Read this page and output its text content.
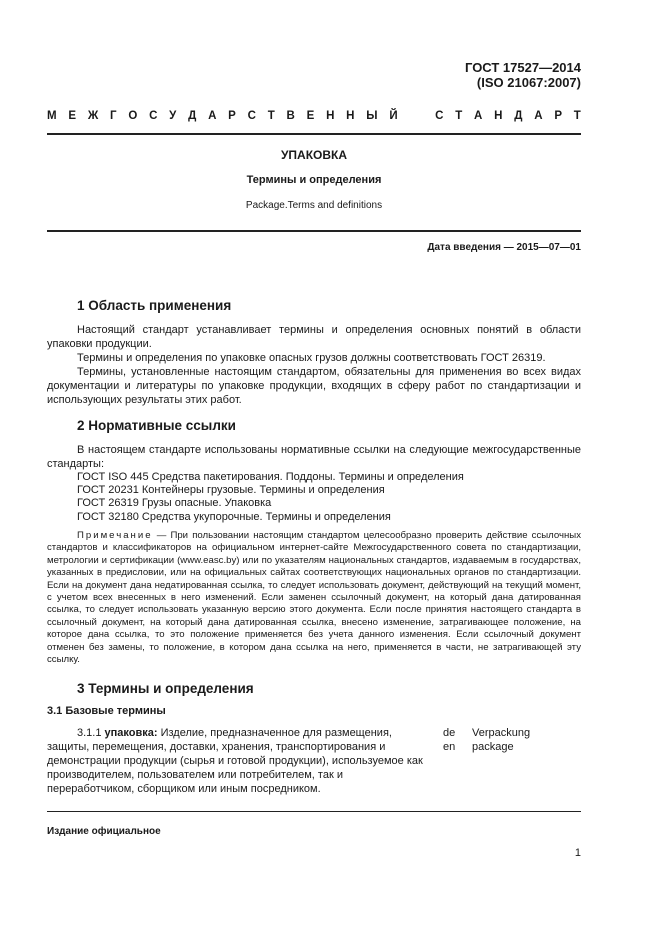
ГОСТ 17527—2014
(ISO 21067:2007)
М Е Ж Г О С У Д А Р С Т В Е Н Н Ы Й	С Т А Н Д А Р Т
УПАКОВКА
Термины и определения
Package.Terms and definitions
Дата введения — 2015—07—01
1 Область применения

Настоящий стандарт устанавливает термины и определения основных понятий в области упаковки продукции.

Термины и определения по упаковке опасных грузов должны соответствовать ГОСТ 26319.

Термины, установленные настоящим стандартом, обязательны для применения во всех видах документации и литературы по упаковке продукции, входящих в сферу работ по стандартизации и использующих результаты этих работ.

2 Нормативные ссылки

В настоящем стандарте использованы нормативные ссылки на следующие межгосударственные стандарты:

ГОСТ ISO 445 Средства пакетирования. Поддоны. Термины и определения
ГОСТ 20231 Контейнеры грузовые. Термины и определения
ГОСТ 26319 Грузы опасные. Упаковка
ГОСТ 32180 Средства укупорочные. Термины и определения

Примечание — При пользовании настоящим стандартом целесообразно проверить действие ссылочных стандартов и классификаторов на официальном интернет-сайте Межгосударственного совета по стандартизации, метрологии и сертификации (www.easc.by) или по указателям национальных стандартов, издаваемым в государствах, указанных в предисловии, или на официальных сайтах соответствующих национальных органов по стандартизации. Если на документ дана недатированная ссылка, то следует использовать документ, действующий на текущий момент, с учетом всех внесенных в него изменений. Если заменен ссылочный документ, на который дана датированная ссылка, то следует использовать указанную версию этого документа. Если после принятия настоящего стандарта в ссылочный документ, на который дана датированная ссылка, внесено изменение, затрагивающее положение, на которое дана ссылка, то это положение применяется без учета данного изменения. Если ссылочный документ отменен без замены, то положение, в котором дана ссылка на него, применяется в части, не затрагивающей эту ссылку.

3 Термины и определения
3.1 Базовые термины

3.1.1 упаковка: Изделие, предназначенное для размещения, защиты, перемещения, доставки, хранения, транспортирования и демонстрации продукции (сырья и готовой продукции), используемое как производителем, пользователем или потребителем, так и переработчиком, сборщиком или иным посредником.

de
en
Verpackung
package
Издание официальное
1
